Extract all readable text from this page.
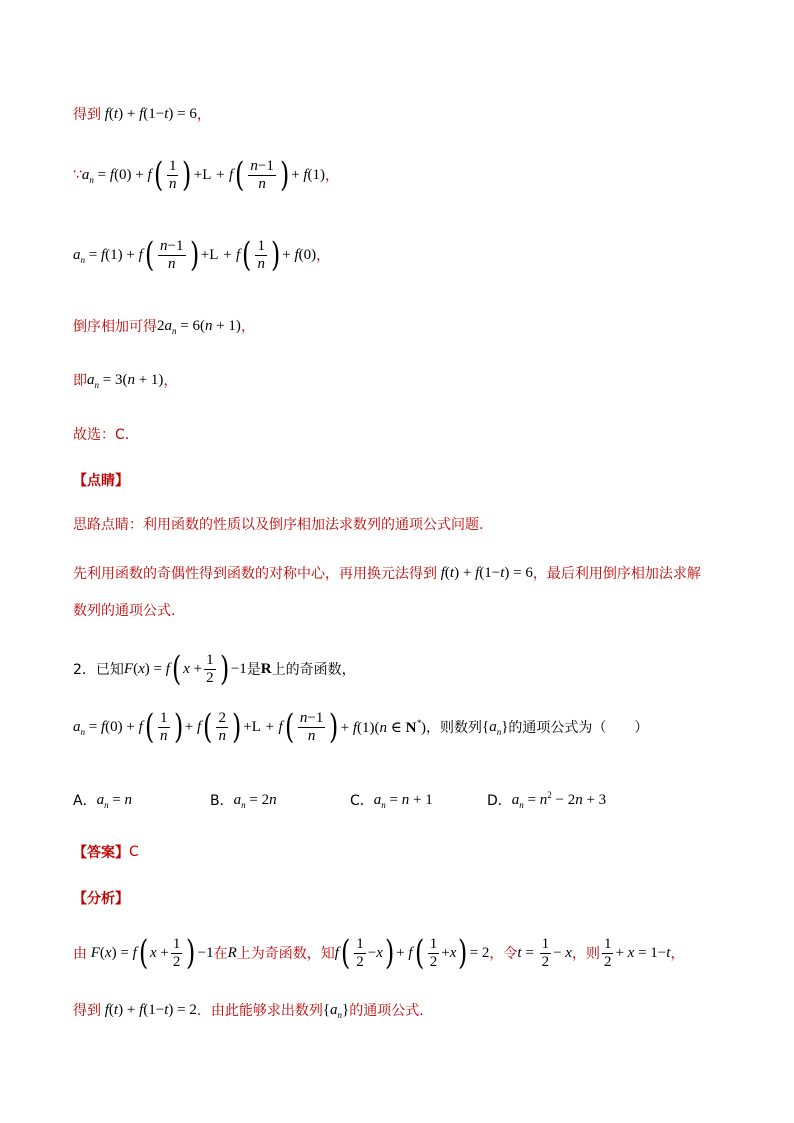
得到 f(t) + f(1−t) = 6 ，
∵ $a_n = f(0) + f$ ( $\frac{1}{n}$ ) + L + f ( $\frac{n-1}{n}$ ) + f(1) ，
$a_n = f(1) + f$ ( $\frac{n-1}{n}$ ) + L + f ( $\frac{1}{n}$ ) + f(0) ，
倒序相加可得 $2a_n = 6(n + 1)$ ，
即 $a_n = 3(n + 1)$ ，
故选：C．
【点睛】
思路点睛：利用函数的性质以及倒序相加法求数列的通项公式问题.
先利用函数的奇偶性得到函数的对称中心，再用换元法得到 f(t) + f(1−t) = 6 ，最后利用倒序相加法求解
数列的通项公式.
2．已知 F(x) = f ( $x + \frac{1}{2}$ ) −1 是 R 上的奇函数，
$a_n = f(0) + f$ ( $\frac{1}{n}$ ) + f ( $\frac{2}{n}$ ) + L + f ( $\frac{n-1}{n}$ ) + f(1)(n ∈ N*) ，则数列 $\{a_n\}$ 的通项公式为（　　）
A． $a_n = n$	B． $a_n = 2n$	C． $a_n = n + 1$	D． $a_n = n^2 - 2n + 3$
【答案】 C
【分析】
由 F(x) = f ( $x + \frac{1}{2}$ ) −1 在 R 上为奇函数，知 f ( $\frac{1}{2} -x$ ) + f ( $\frac{1}{2} +x$ ) = 2 ，令 $t = \frac{1}{2} - x$ ，则 $\frac{1}{2} + x = 1-t$ ，
得到 f(t) + f(1−t) = 2 ．由此能够求出数列 $\{a_n\}$ 的通项公式.
